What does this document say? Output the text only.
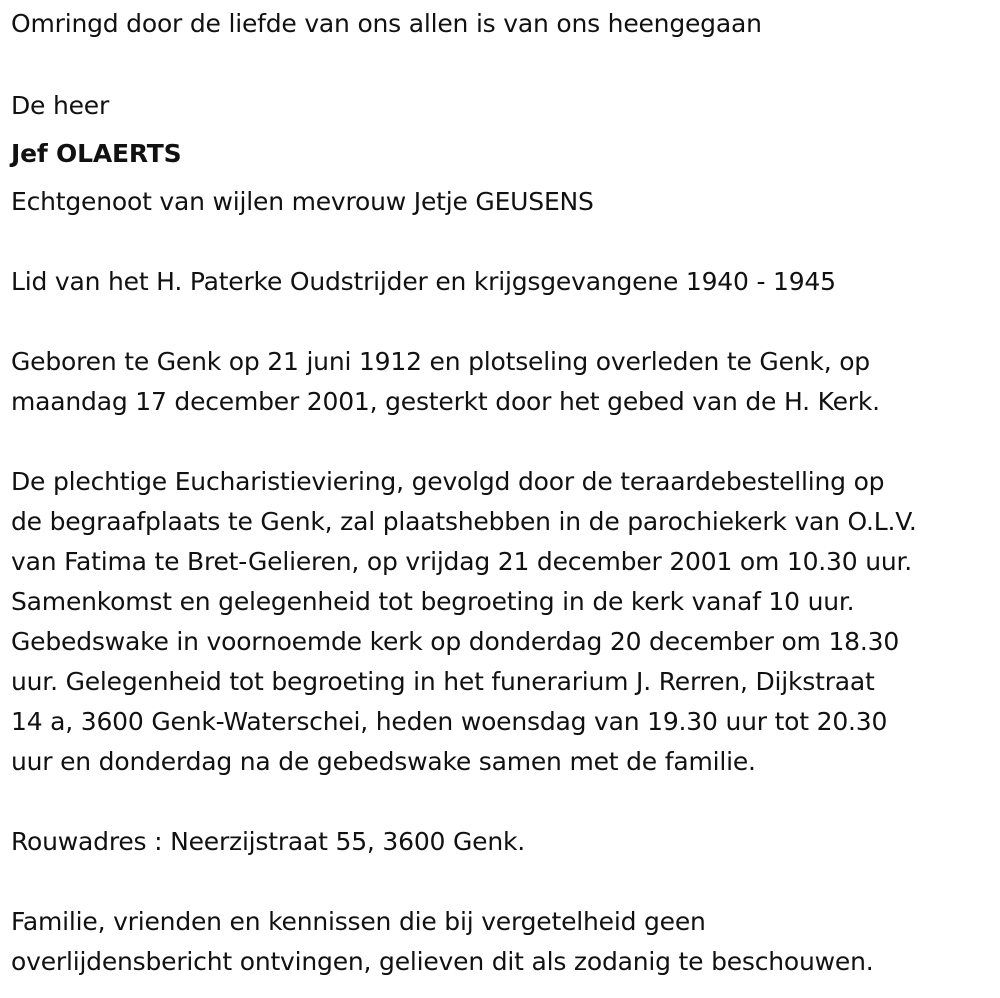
Omringd door de liefde van ons allen is van ons heengegaan
De heer
Jef OLAERTS
Echtgenoot van wijlen mevrouw Jetje GEUSENS
Lid van het H. Paterke Oudstrijder en krijgsgevangene 1940 - 1945
Geboren te Genk op 21 juni 1912 en plotseling overleden te Genk, op
maandag 17 december 2001, gesterkt door het gebed van de H. Kerk.
De plechtige Eucharistieviering, gevolgd door de teraardebestelling op
de begraafplaats te Genk, zal plaatshebben in de parochiekerk van O.L.V.
van Fatima te Bret-Gelieren, op vrijdag 21 december 2001 om 10.30 uur.
Samenkomst en gelegenheid tot begroeting in de kerk vanaf 10 uur.
Gebedswake in voornoemde kerk op donderdag 20 december om 18.30
uur. Gelegenheid tot begroeting in het funerarium J. Rerren, Dijkstraat
14 a, 3600 Genk-Waterschei, heden woensdag van 19.30 uur tot 20.30
uur en donderdag na de gebedswake samen met de familie.
Rouwadres : Neerzijstraat 55, 3600 Genk.
Familie, vrienden en kennissen die bij vergetelheid geen
overlijdensbericht ontvingen, gelieven dit als zodanig te beschouwen.
